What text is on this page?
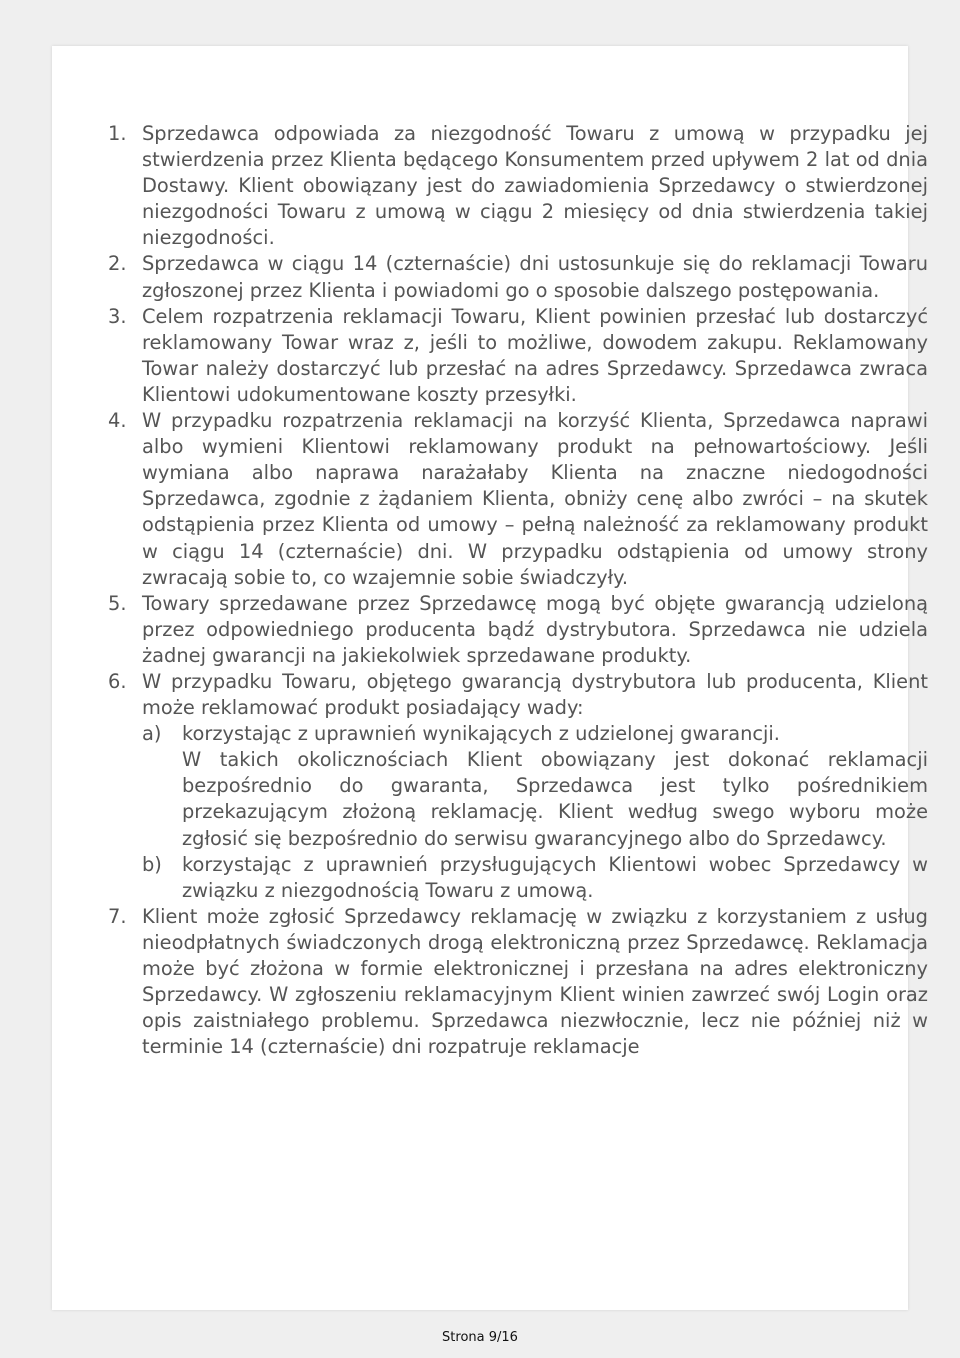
1. Sprzedawca odpowiada za niezgodność Towaru z umową w przypadku jej stwierdzenia przez Klienta będącego Konsumentem przed upływem 2 lat od dnia Dostawy. Klient obowiązany jest do zawiadomienia Sprzedawcy o stwierdzonej niezgodności Towaru z umową w ciągu 2 miesięcy od dnia stwierdzenia takiej niezgodności.
2. Sprzedawca w ciągu 14 (czternaście) dni ustosunkuje się do reklamacji Towaru zgłoszonej przez Klienta i powiadomi go o sposobie dalszego postępowania.
3. Celem rozpatrzenia reklamacji Towaru, Klient powinien przesłać lub dostarczyć reklamowany Towar wraz z, jeśli to możliwe, dowodem zakupu. Reklamowany Towar należy dostarczyć lub przesłać na adres Sprzedawcy. Sprzedawca zwraca Klientowi udokumentowane koszty przesyłki.
4. W przypadku rozpatrzenia reklamacji na korzyść Klienta, Sprzedawca naprawi albo wymieni Klientowi reklamowany produkt na pełnowartościowy. Jeśli wymiana albo naprawa narażałaby Klienta na znaczne niedogodności Sprzedawca, zgodnie z żądaniem Klienta, obniży cenę albo zwróci – na skutek odstąpienia przez Klienta od umowy – pełną należność za reklamowany produkt w ciągu 14 (czternaście) dni. W przypadku odstąpienia od umowy strony zwracają sobie to, co wzajemnie sobie świadczyły.
5. Towary sprzedawane przez Sprzedawcę mogą być objęte gwarancją udzieloną przez odpowiedniego producenta bądź dystrybutora. Sprzedawca nie udziela żadnej gwarancji na jakiekolwiek sprzedawane produkty.
6. W przypadku Towaru, objętego gwarancją dystrybutora lub producenta, Klient może reklamować produkt posiadający wady:
a)	korzystając z uprawnień wynikających z udzielonej gwarancji.
W takich okolicznościach Klient obowiązany jest dokonać reklamacji bezpośrednio do gwaranta, Sprzedawca jest tylko pośrednikiem przekazującym złożoną reklamację. Klient według swego wyboru może zgłosić się bezpośrednio do serwisu gwarancyjnego albo do Sprzedawcy.
b)	korzystając z uprawnień przysługujących Klientowi wobec Sprzedawcy w związku z niezgodnością Towaru z umową.
7. Klient może zgłosić Sprzedawcy reklamację w związku z korzystaniem z usług nieodpłatnych świadczonych drogą elektroniczną przez Sprzedawcę. Reklamacja może być złożona w formie elektronicznej i przesłana na adres elektroniczny Sprzedawcy. W zgłoszeniu reklamacyjnym Klient winien zawrzeć swój Login oraz opis zaistniałego problemu. Sprzedawca niezwłocznie, lecz nie później niż w terminie 14 (czternaście) dni rozpatruje reklamacje
Strona 9/16
